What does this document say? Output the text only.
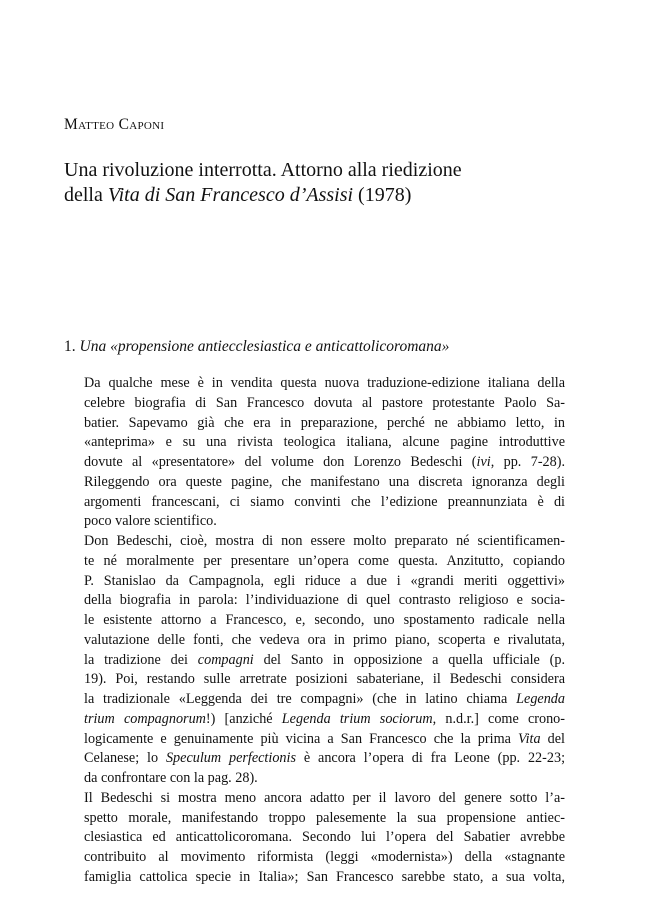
Matteo Caponi

Una rivoluzione interrotta. Attorno alla riedizione
della Vita di San Francesco d’Assisi (1978)
1. Una «propensione antiecclesiastica e anticattolicoromana»
Da qualche mese è in vendita questa nuova traduzione-edizione italiana della
celebre biografia di San Francesco dovuta al pastore protestante Paolo Sa-
batier. Sapevamo già che era in preparazione, perché ne abbiamo letto, in
«anteprima» e su una rivista teologica italiana, alcune pagine introduttive
dovute al «presentatore» del volume don Lorenzo Bedeschi (ivi, pp. 7-28).
Rileggendo ora queste pagine, che manifestano una discreta ignoranza degli
argomenti francescani, ci siamo convinti che l’edizione preannunziata è di
poco valore scientifico.
Don Bedeschi, cioè, mostra di non essere molto preparato né scientificamen-
te né moralmente per presentare un’opera come questa. Anzitutto, copiando
P. Stanislao da Campagnola, egli riduce a due i «grandi meriti oggettivi»
della biografia in parola: l’individuazione di quel contrasto religioso e socia-
le esistente attorno a Francesco, e, secondo, uno spostamento radicale nella
valutazione delle fonti, che vedeva ora in primo piano, scoperta e rivalutata,
la tradizione dei compagni del Santo in opposizione a quella ufficiale (p.
19). Poi, restando sulle arretrate posizioni sabateriane, il Bedeschi considera
la tradizionale «Leggenda dei tre compagni» (che in latino chiama Legenda
trium compagnorum!) [anziché Legenda trium sociorum, n.d.r.] come crono-
logicamente e genuinamente più vicina a San Francesco che la prima Vita del
Celanese; lo Speculum perfectionis è ancora l’opera di fra Leone (pp. 22-23;
da confrontare con la pag. 28).
Il Bedeschi si mostra meno ancora adatto per il lavoro del genere sotto l’a-
spetto morale, manifestando troppo palesemente la sua propensione antiec-
clesiastica ed anticattolicoromana. Secondo lui l’opera del Sabatier avrebbe
contribuito al movimento riformista (leggi «modernista») della «stagnante
famiglia cattolica specie in Italia»; San Francesco sarebbe stato, a sua volta,
